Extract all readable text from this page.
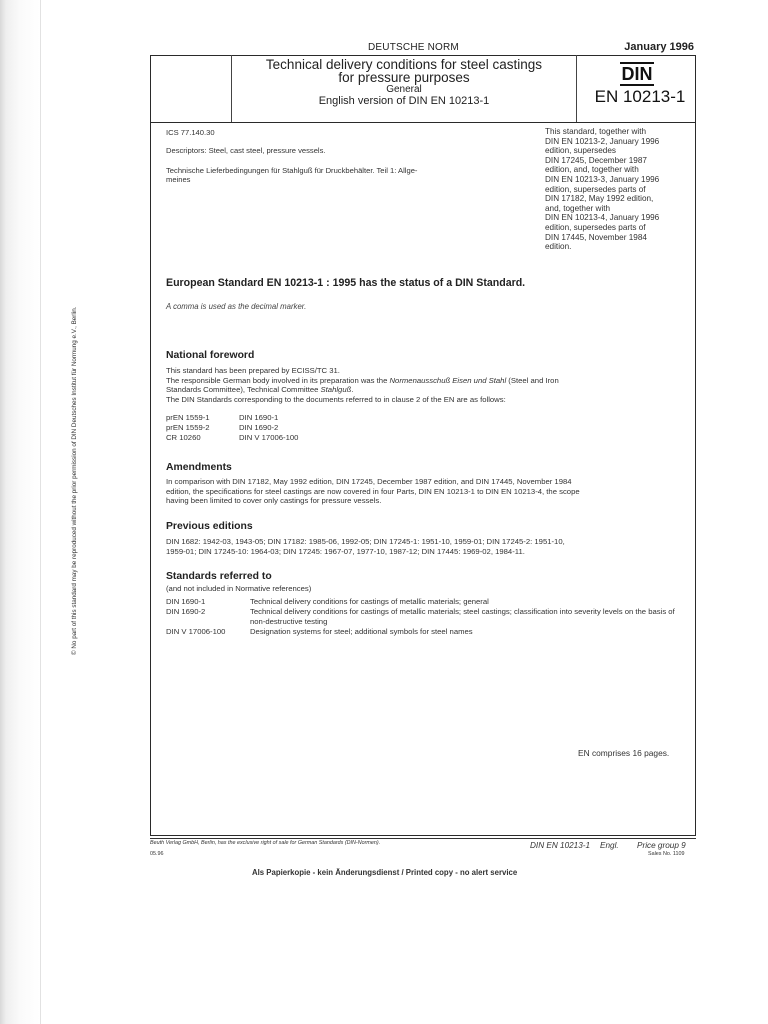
© No part of this standard may be reproduced without the prior permission of DIN Deutsches Institut für Normung e.V., Berlin.
DEUTSCHE NORM	January 1996
Technical delivery conditions for steel castings
for pressure purposes
General
English version of DIN EN 10213-1
DIN
EN 10213-1
ICS 77.140.30
Descriptors: Steel, cast steel, pressure vessels.
Technische Lieferbedingungen für Stahlguß für Druckbehälter. Teil 1: Allge-
meines
This standard, together with
DIN EN 10213-2, January 1996
edition, supersedes
DIN 17245, December 1987
edition, and, together with
DIN EN 10213-3, January 1996
edition, supersedes parts of
DIN 17182, May 1992 edition,
and, together with
DIN EN 10213-4, January 1996
edition, supersedes parts of
DIN 17445, November 1984
edition.
European Standard EN 10213-1 : 1995 has the status of a DIN Standard.
A comma is used as the decimal marker.
National foreword
This standard has been prepared by ECISS/TC 31.
The responsible German body involved in its preparation was the Normenausschuß Eisen und Stahl (Steel and Iron
Standards Committee), Technical Committee Stahlguß.
The DIN Standards corresponding to the documents referred to in clause 2 of the EN are as follows:
prEN 1559-1	DIN 1690-1
prEN 1559-2	DIN 1690-2
CR 10260	DIN V 17006-100
Amendments
In comparison with DIN 17182, May 1992 edition, DIN 17245, December 1987 edition, and DIN 17445, November 1984
edition, the specifications for steel castings are now covered in four Parts, DIN EN 10213-1 to DIN EN 10213-4, the scope
having been limited to cover only castings for pressure vessels.
Previous editions
DIN 1682: 1942-03, 1943-05; DIN 17182: 1985-06, 1992-05; DIN 17245-1: 1951-10, 1959-01; DIN 17245-2: 1951-10,
1959-01; DIN 17245-10: 1964-03; DIN 17245: 1967-07, 1977-10, 1987-12; DIN 17445: 1969-02, 1984-11.
Standards referred to
(and not included in Normative references)
DIN 1690-1	Technical delivery conditions for castings of metallic materials; general
DIN 1690-2	Technical delivery conditions for castings of metallic materials; steel castings; classification into severity levels on the basis of non-destructive testing
DIN V 17006-100	Designation systems for steel; additional symbols for steel names
EN comprises 16 pages.
Beuth Verlag GmbH, Berlin, has the exclusive right of sale for German Standards (DIN-Normen).
05.96
DIN EN 10213-1 Engl. Price group 9
Sales No. 1109
Als Papierkopie - kein Änderungsdienst / Printed copy - no alert service
